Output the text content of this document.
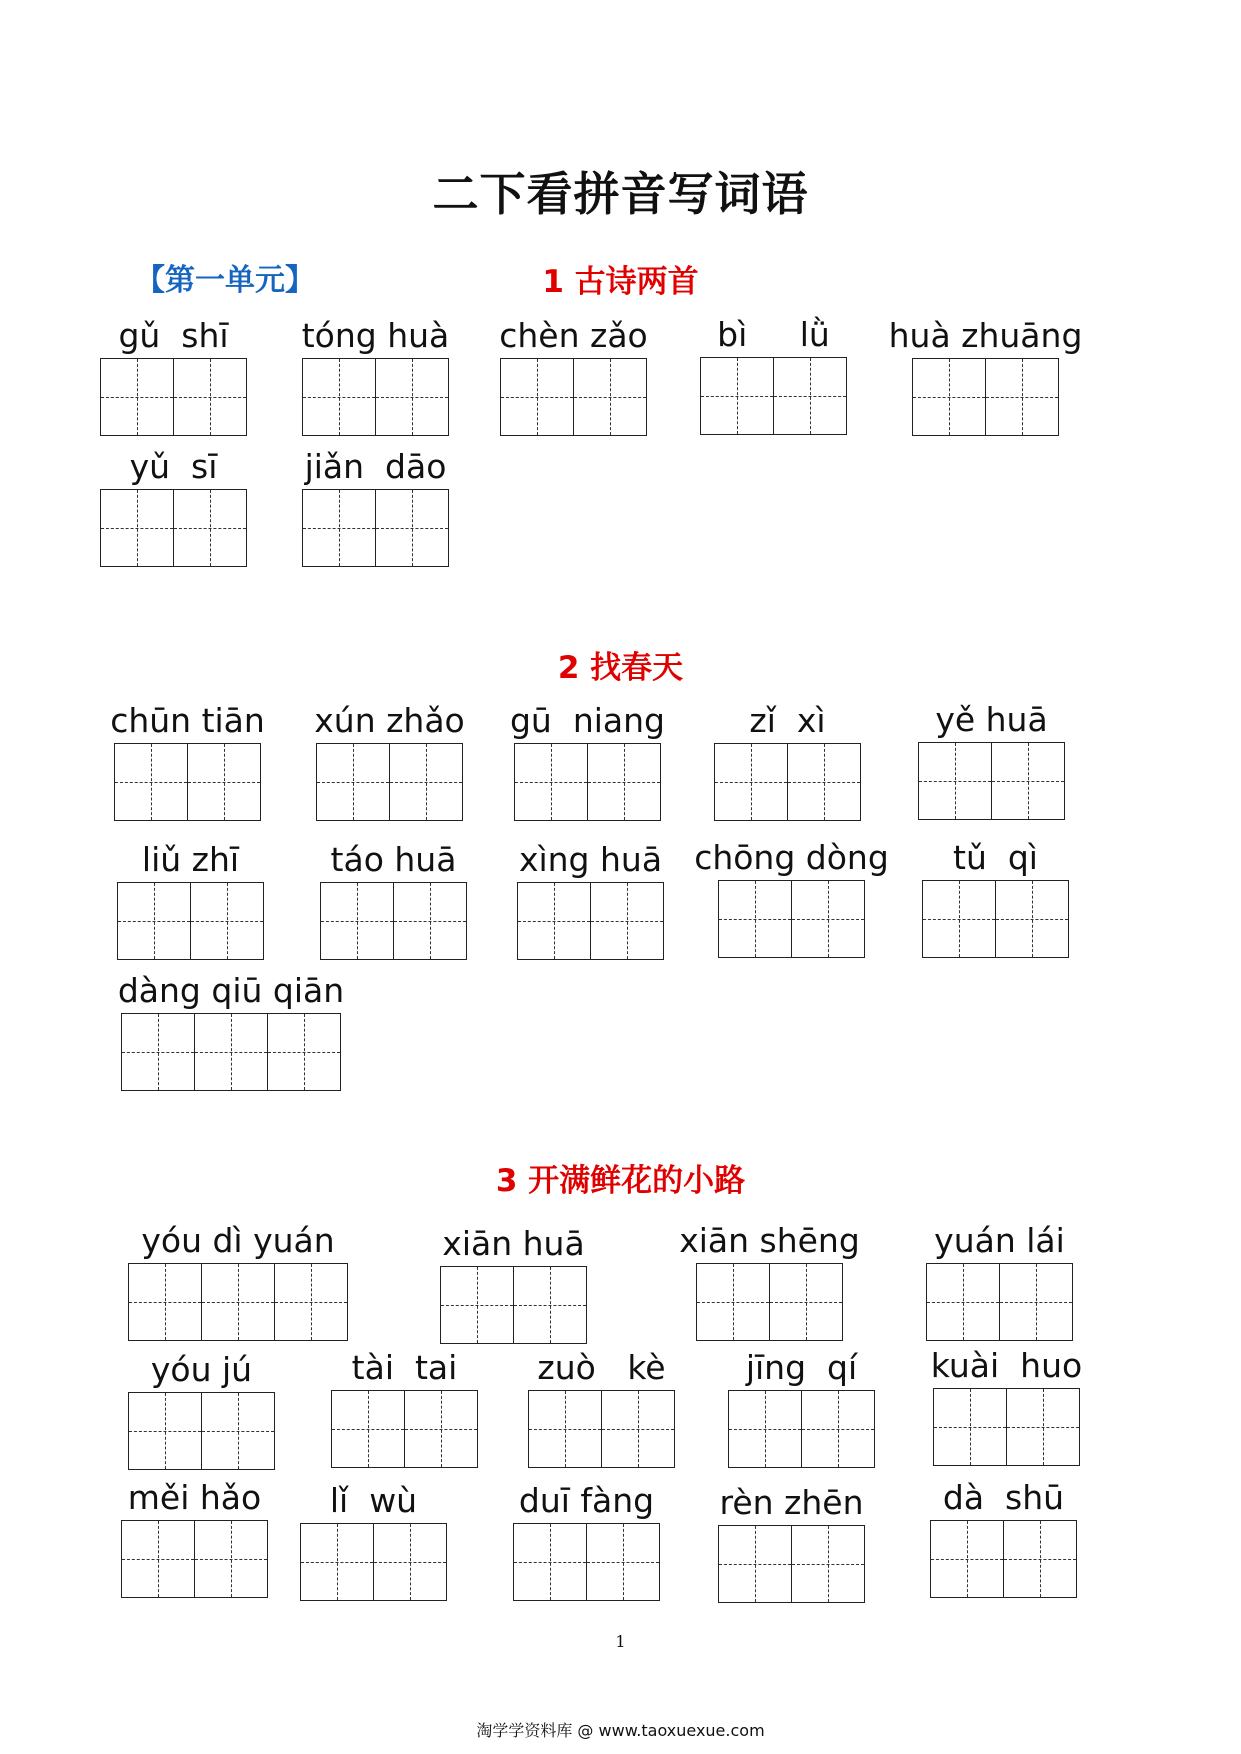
二下看拼音写词语
【第一单元】	1 古诗两首
2 找春天
3 开满鲜花的小路
gǔ  shī	tóng huà	chèn zǎo	bì     lǜ	huà zhuāng
yǔ  sī	jiǎn  dāo
chūn tiān	xún zhǎo	gū  niang	zǐ  xì	yě huā
liǔ zhī	táo huā	xìng huā chōng dòng	tǔ  qì
dàng qiū qiān
yóu dì yuán	xiān huā	xiān shēng	yuán lái
yóu jú	tài  tai	zuò   kè	jīng  qí	kuài  huo
měi hǎo	lǐ  wù	duī fàng	rèn zhēn	dà  shū
1
淘学学资料库 @ www.taoxuexue.com
